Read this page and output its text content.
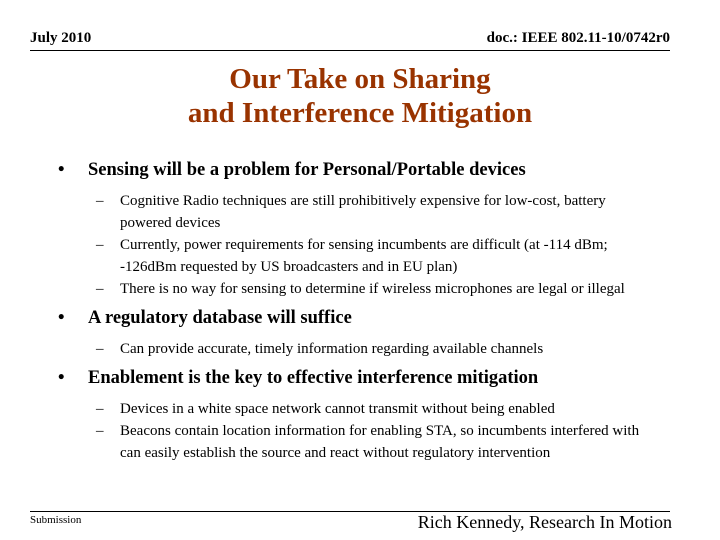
July 2010	doc.: IEEE 802.11-10/0742r0
Our Take on Sharing
and Interference Mitigation
• Sensing will be a problem for Personal/Portable devices
– Cognitive Radio techniques are still prohibitively expensive for low-cost, battery powered devices
– Currently, power requirements for sensing incumbents are difficult (at -114 dBm; -126dBm requested by US broadcasters and in EU plan)
– There is no way for sensing to determine if wireless microphones are legal or illegal
• A regulatory database will suffice
– Can provide accurate, timely information regarding available channels
• Enablement is the key to effective interference mitigation
– Devices in a white space network cannot transmit without being enabled
– Beacons contain location information for enabling STA, so incumbents interfered with can easily establish the source and react without regulatory intervention
Submission	Rich Kennedy, Research In Motion
